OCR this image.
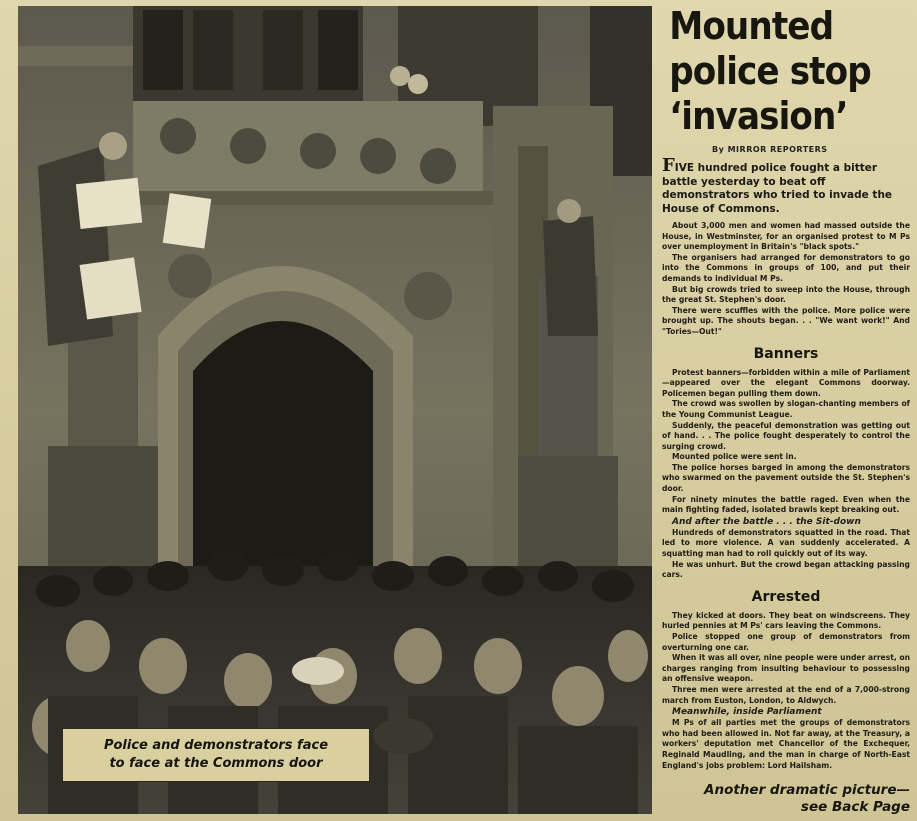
Police and demonstrators face
to face at the Commons door
Mounted
police stop
‘invasion’
By MIRROR REPORTERS

FIVE hundred police fought a bitter battle yesterday to beat off demonstrators who tried to invade the House of Commons.

About 3,000 men and women had massed outside the House, in Westminster, for an organised protest to M Ps over unemployment in Britain's "black spots."

The organisers had arranged for demonstrators to go into the Commons in groups of 100, and put their demands to individual M Ps.

But big crowds tried to sweep into the House, through the great St. Stephen's door.

There were scuffles with the police. More police were brought up. The shouts began. . . "We want work!" And "Tories—Out!"

Banners

Protest banners—forbidden within a mile of Parliament—appeared over the elegant Commons doorway. Policemen began pulling them down.

The crowd was swollen by slogan-chanting members of the Young Communist League.

Suddenly, the peaceful demonstration was getting out of hand. . . The police fought desperately to control the surging crowd.

Mounted police were sent in.

The police horses barged in among the demonstrators who swarmed on the pavement outside the St. Stephen's door.

For ninety minutes the battle raged. Even when the main fighting faded, isolated brawls kept breaking out.

And after the battle . . . the Sit-down

Hundreds of demonstrators squatted in the road. That led to more violence. A van suddenly accelerated. A squatting man had to roll quickly out of its way.

He was unhurt. But the crowd began attacking passing cars.

Arrested

They kicked at doors. They beat on windscreens. They hurled pennies at M Ps' cars leaving the Commons.

Police stopped one group of demonstrators from overturning one car.

When it was all over, nine people were under arrest, on charges ranging from insulting behaviour to possessing an offensive weapon.

Three men were arrested at the end of a 7,000-strong march from Euston, London, to Aldwych.

Meanwhile, inside Parliament

M Ps of all parties met the groups of demonstrators who had been allowed in. Not far away, at the Treasury, a workers' deputation met Chancellor of the Exchequer, Reginald Maudling, and the man in charge of North-East England's jobs problem: Lord Hailsham.

Another dramatic picture—
see Back Page
